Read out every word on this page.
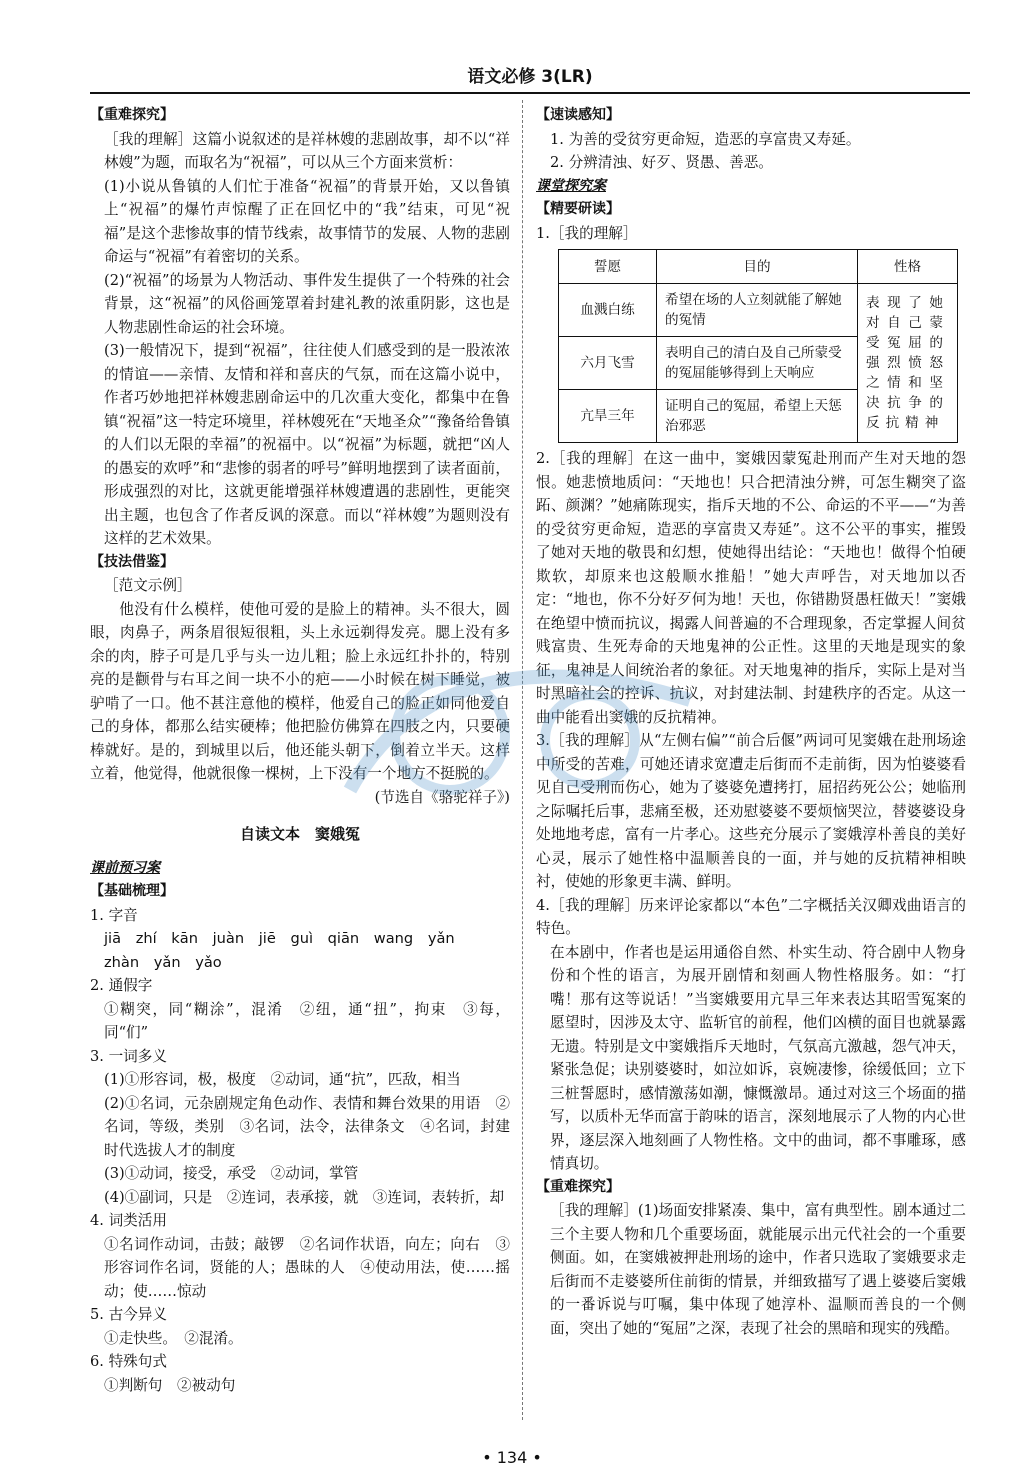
语文必修 3(LR)
【重难探究】

［我的理解］这篇小说叙述的是祥林嫂的悲剧故事，却不以“祥林嫂”为题，而取名为“祝福”，可以从三个方面来赏析：

(1)小说从鲁镇的人们忙于准备“祝福”的背景开始，又以鲁镇上“祝福”的爆竹声惊醒了正在回忆中的“我”结束，可见“祝福”是这个悲惨故事的情节线索，故事情节的发展、人物的悲剧命运与“祝福”有着密切的关系。

(2)“祝福”的场景为人物活动、事件发生提供了一个特殊的社会背景，这“祝福”的风俗画笼罩着封建礼教的浓重阴影，这也是人物悲剧性命运的社会环境。

(3)一般情况下，提到“祝福”，往往使人们感受到的是一股浓浓的情谊——亲情、友情和祥和喜庆的气氛，而在这篇小说中，作者巧妙地把祥林嫂悲剧命运中的几次重大变化，都集中在鲁镇“祝福”这一特定环境里，祥林嫂死在“天地圣众”“豫备给鲁镇的人们以无限的幸福”的祝福中。以“祝福”为标题，就把“凶人的愚妄的欢呼”和“悲惨的弱者的呼号”鲜明地摆到了读者面前，形成强烈的对比，这就更能增强祥林嫂遭遇的悲剧性，更能突出主题，也包含了作者反讽的深意。而以“祥林嫂”为题则没有这样的艺术效果。

【技法借鉴】
［范文示例］

他没有什么模样，使他可爱的是脸上的精神。头不很大，圆眼，肉鼻子，两条眉很短很粗，头上永远剃得发亮。腮上没有多余的肉，脖子可是几乎与头一边儿粗；脸上永远红扑扑的，特别亮的是颧骨与右耳之间一块不小的疤——小时候在树下睡觉，被驴啃了一口。他不甚注意他的模样，他爱自己的脸正如同他爱自己的身体，都那么结实硬棒；他把脸仿佛算在四肢之内，只要硬棒就好。是的，到城里以后，他还能头朝下，倒着立半天。这样立着，他觉得，他就很像一棵树，上下没有一个地方不挺脱的。

(节选自《骆驼祥子》)

自读文本　窦娥冤
课前预习案
【基础梳理】
1. 字音
jiā zhí kān juàn jiē guì qiān wang yǎn
zhàn yǎn yǎo
2. 通假字

①糊突，同“糊涂”，混淆　②纽，通“扭”，拘束　③每，同“们”

3. 一词多义

(1)①形容词，极，极度　②动词，通“抗”，匹敌，相当

(2)①名词，元杂剧规定角色动作、表情和舞台效果的用语　②名词，等级，类别　③名词，法令，法律条文　④名词，封建时代选拔人才的制度

(3)①动词，接受，承受　②动词，掌管

(4)①副词，只是　②连词，表承接，就　③连词，表转折，却

4. 词类活用

①名词作动词，击鼓；敲锣　②名词作状语，向左；向右　③形容词作名词，贤能的人；愚昧的人　④使动用法，使……摇动；使……惊动

5. 古今异义

①走快些。　②混淆。

6. 特殊句式

①判断句　②被动句

【速读感知】

1. 为善的受贫穷更命短，造恶的享富贵又寿延。

2. 分辨清浊、好歹、贤愚、善恶。

课堂探究案
【精要研读】
1.［我的理解］
誓愿	目的	性格
血溅白练	希望在场的人立刻就能了解她的冤情	表现了她对自己蒙受冤屈的强烈愤怒之情和坚决抗争的反抗精神
六月飞雪	表明自己的清白及自己所蒙受的冤屈能够得到上天响应	
亢旱三年	证明自己的冤屈，希望上天惩治邪恶	

2.［我的理解］在这一曲中，窦娥因蒙冤赴刑而产生对天地的怨恨。她悲愤地质问：“天地也！只合把清浊分辨，可怎生糊突了盗跖、颜渊？”她痛陈现实，指斥天地的不公、命运的不平——“为善的受贫穷更命短，造恶的享富贵又寿延”。这不公平的事实，摧毁了她对天地的敬畏和幻想，使她得出结论：“天地也！做得个怕硬欺软，却原来也这般顺水推船！”她大声呼告，对天地加以否定：“地也，你不分好歹何为地！天也，你错勘贤愚枉做天！”窦娥在绝望中愤而抗议，揭露人间普遍的不合理现象，否定掌握人间贫贱富贵、生死寿命的天地鬼神的公正性。这里的天地是现实的象征，鬼神是人间统治者的象征。对天地鬼神的指斥，实际上是对当时黑暗社会的控诉、抗议，对封建法制、封建秩序的否定。从这一曲中能看出窦娥的反抗精神。

3.［我的理解］从“左侧右偏”“前合后偃”两词可见窦娥在赴刑场途中所受的苦难，可她还请求宽遭走后街而不走前街，因为怕婆婆看见自己受刑而伤心，她为了婆婆免遭拷打，屈招药死公公；她临刑之际嘱托后事，悲痛至极，还劝慰婆婆不要烦恼哭泣，替婆婆设身处地地考虑，富有一片孝心。这些充分展示了窦娥淳朴善良的美好心灵，展示了她性格中温顺善良的一面，并与她的反抗精神相映衬，使她的形象更丰满、鲜明。

4.［我的理解］历来评论家都以“本色”二字概括关汉卿戏曲语言的特色。

在本剧中，作者也是运用通俗自然、朴实生动、符合剧中人物身份和个性的语言，为展开剧情和刻画人物性格服务。如：“打嘴！那有这等说话！”当窦娥要用亢旱三年来表达其昭雪冤案的愿望时，因涉及太守、监斩官的前程，他们凶横的面目也就暴露无遗。特别是文中窦娥指斥天地时，气氛高亢激越，怨气冲天，紧张急促；诀别婆婆时，如泣如诉，哀婉凄惨，徐缓低回；立下三桩誓愿时，感情激荡如潮，慷慨激昂。通过对这三个场面的描写，以质朴无华而富于韵味的语言，深刻地展示了人物的内心世界，逐层深入地刻画了人物性格。文中的曲词，都不事雕琢，感情真切。

【重难探究】

［我的理解］(1)场面安排紧凑、集中，富有典型性。剧本通过二三个主要人物和几个重要场面，就能展示出元代社会的一个重要侧面。如，在窦娥被押赴刑场的途中，作者只选取了窦娥要求走后街而不走婆婆所住前街的情景，并细致描写了遇上婆婆后窦娥的一番诉说与叮嘱，集中体现了她淳朴、温顺而善良的一个侧面，突出了她的“冤屈”之深，表现了社会的黑暗和现实的残酷。

• 134 •
